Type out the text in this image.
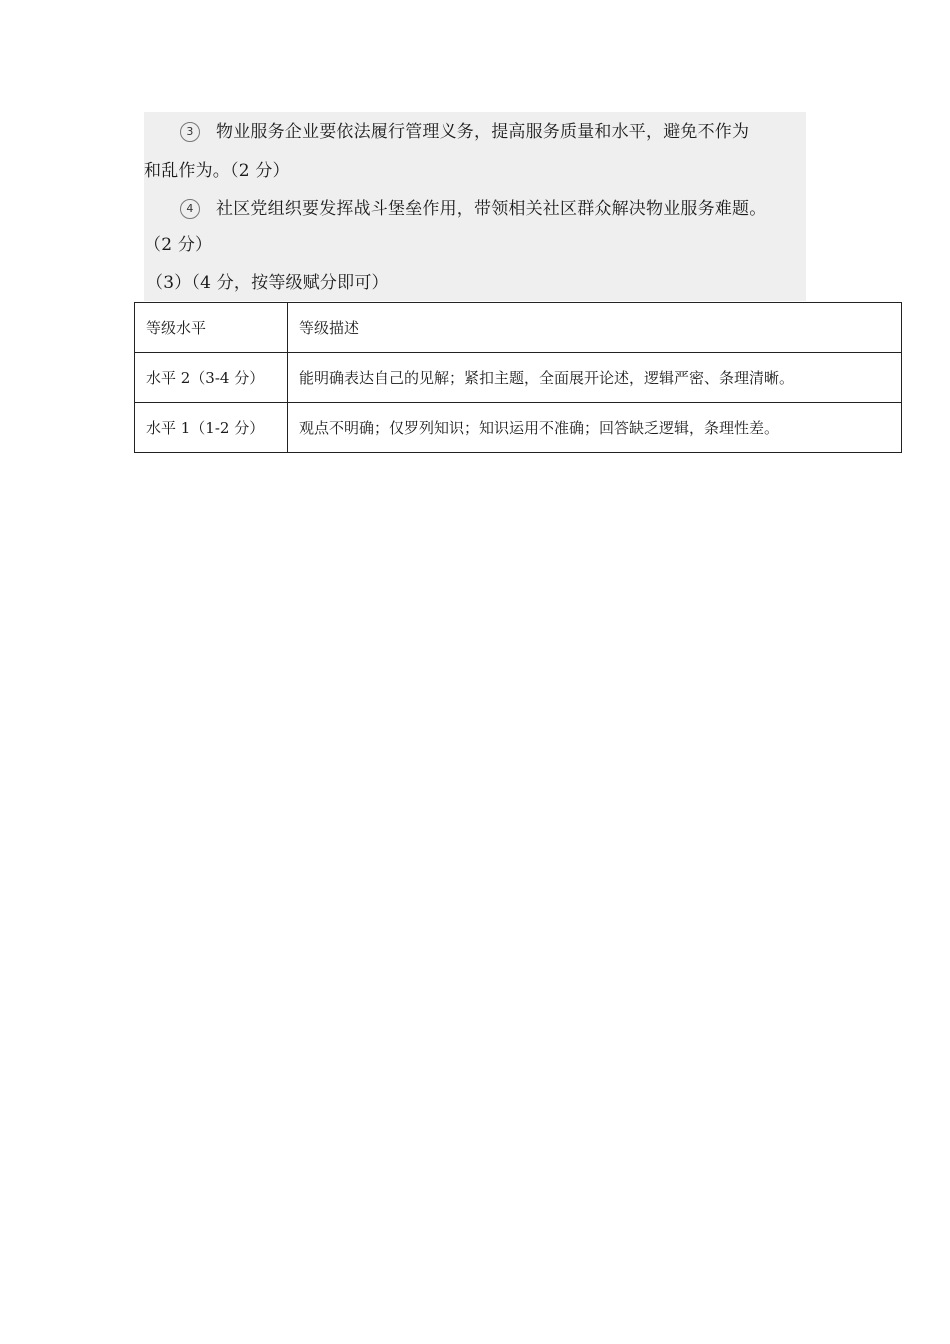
3 物业服务企业要依法履行管理义务，提高服务质量和水平，避免不作为
和乱作为。（2 分）
4 社区党组织要发挥战斗堡垒作用，带领相关社区群众解决物业服务难题。
（2 分）
（3）（4 分，按等级赋分即可）
等级水平	等级描述
水平 2（3-4 分）	能明确表达自己的见解；紧扣主题，全面展开论述，逻辑严密、条理清晰。
水平 1（1-2 分）	观点不明确；仅罗列知识；知识运用不准确；回答缺乏逻辑，条理性差。
